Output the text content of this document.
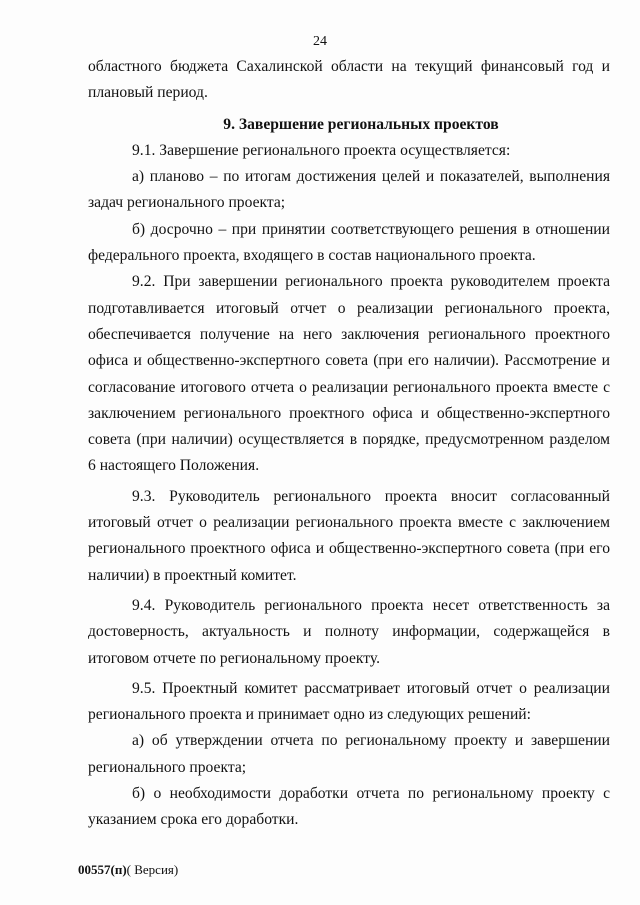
24

областного бюджета Сахалинской области на текущий финансовый год и плановый период.

9. Завершение региональных проектов

9.1. Завершение регионального проекта осуществляется:

а) планово – по итогам достижения целей и показателей, выполнения задач регионального проекта;

б) досрочно – при принятии соответствующего решения в отношении федерального проекта, входящего в состав национального проекта.

9.2. При завершении регионального проекта руководителем проекта подготавливается итоговый отчет о реализации регионального проекта, обеспечивается получение на него заключения регионального проектного офиса и общественно-экспертного совета (при его наличии). Рассмотрение и согласование итогового отчета о реализации регионального проекта вместе с заключением регионального проектного офиса и общественно-экспертного совета (при наличии) осуществляется в порядке, предусмотренном разделом 6 настоящего Положения.

9.3. Руководитель регионального проекта вносит согласованный итоговый отчет о реализации регионального проекта вместе с заключением регионального проектного офиса и общественно-экспертного совета (при его наличии) в проектный комитет.

9.4. Руководитель регионального проекта несет ответственность за достоверность, актуальность и полноту информации, содержащейся в итоговом отчете по региональному проекту.

9.5. Проектный комитет рассматривает итоговый отчет о реализации регионального проекта и принимает одно из следующих решений:

а) об утверждении отчета по региональному проекту и завершении регионального проекта;

б) о необходимости доработки отчета по региональному проекту с указанием срока его доработки.

00557(п)( Версия)
